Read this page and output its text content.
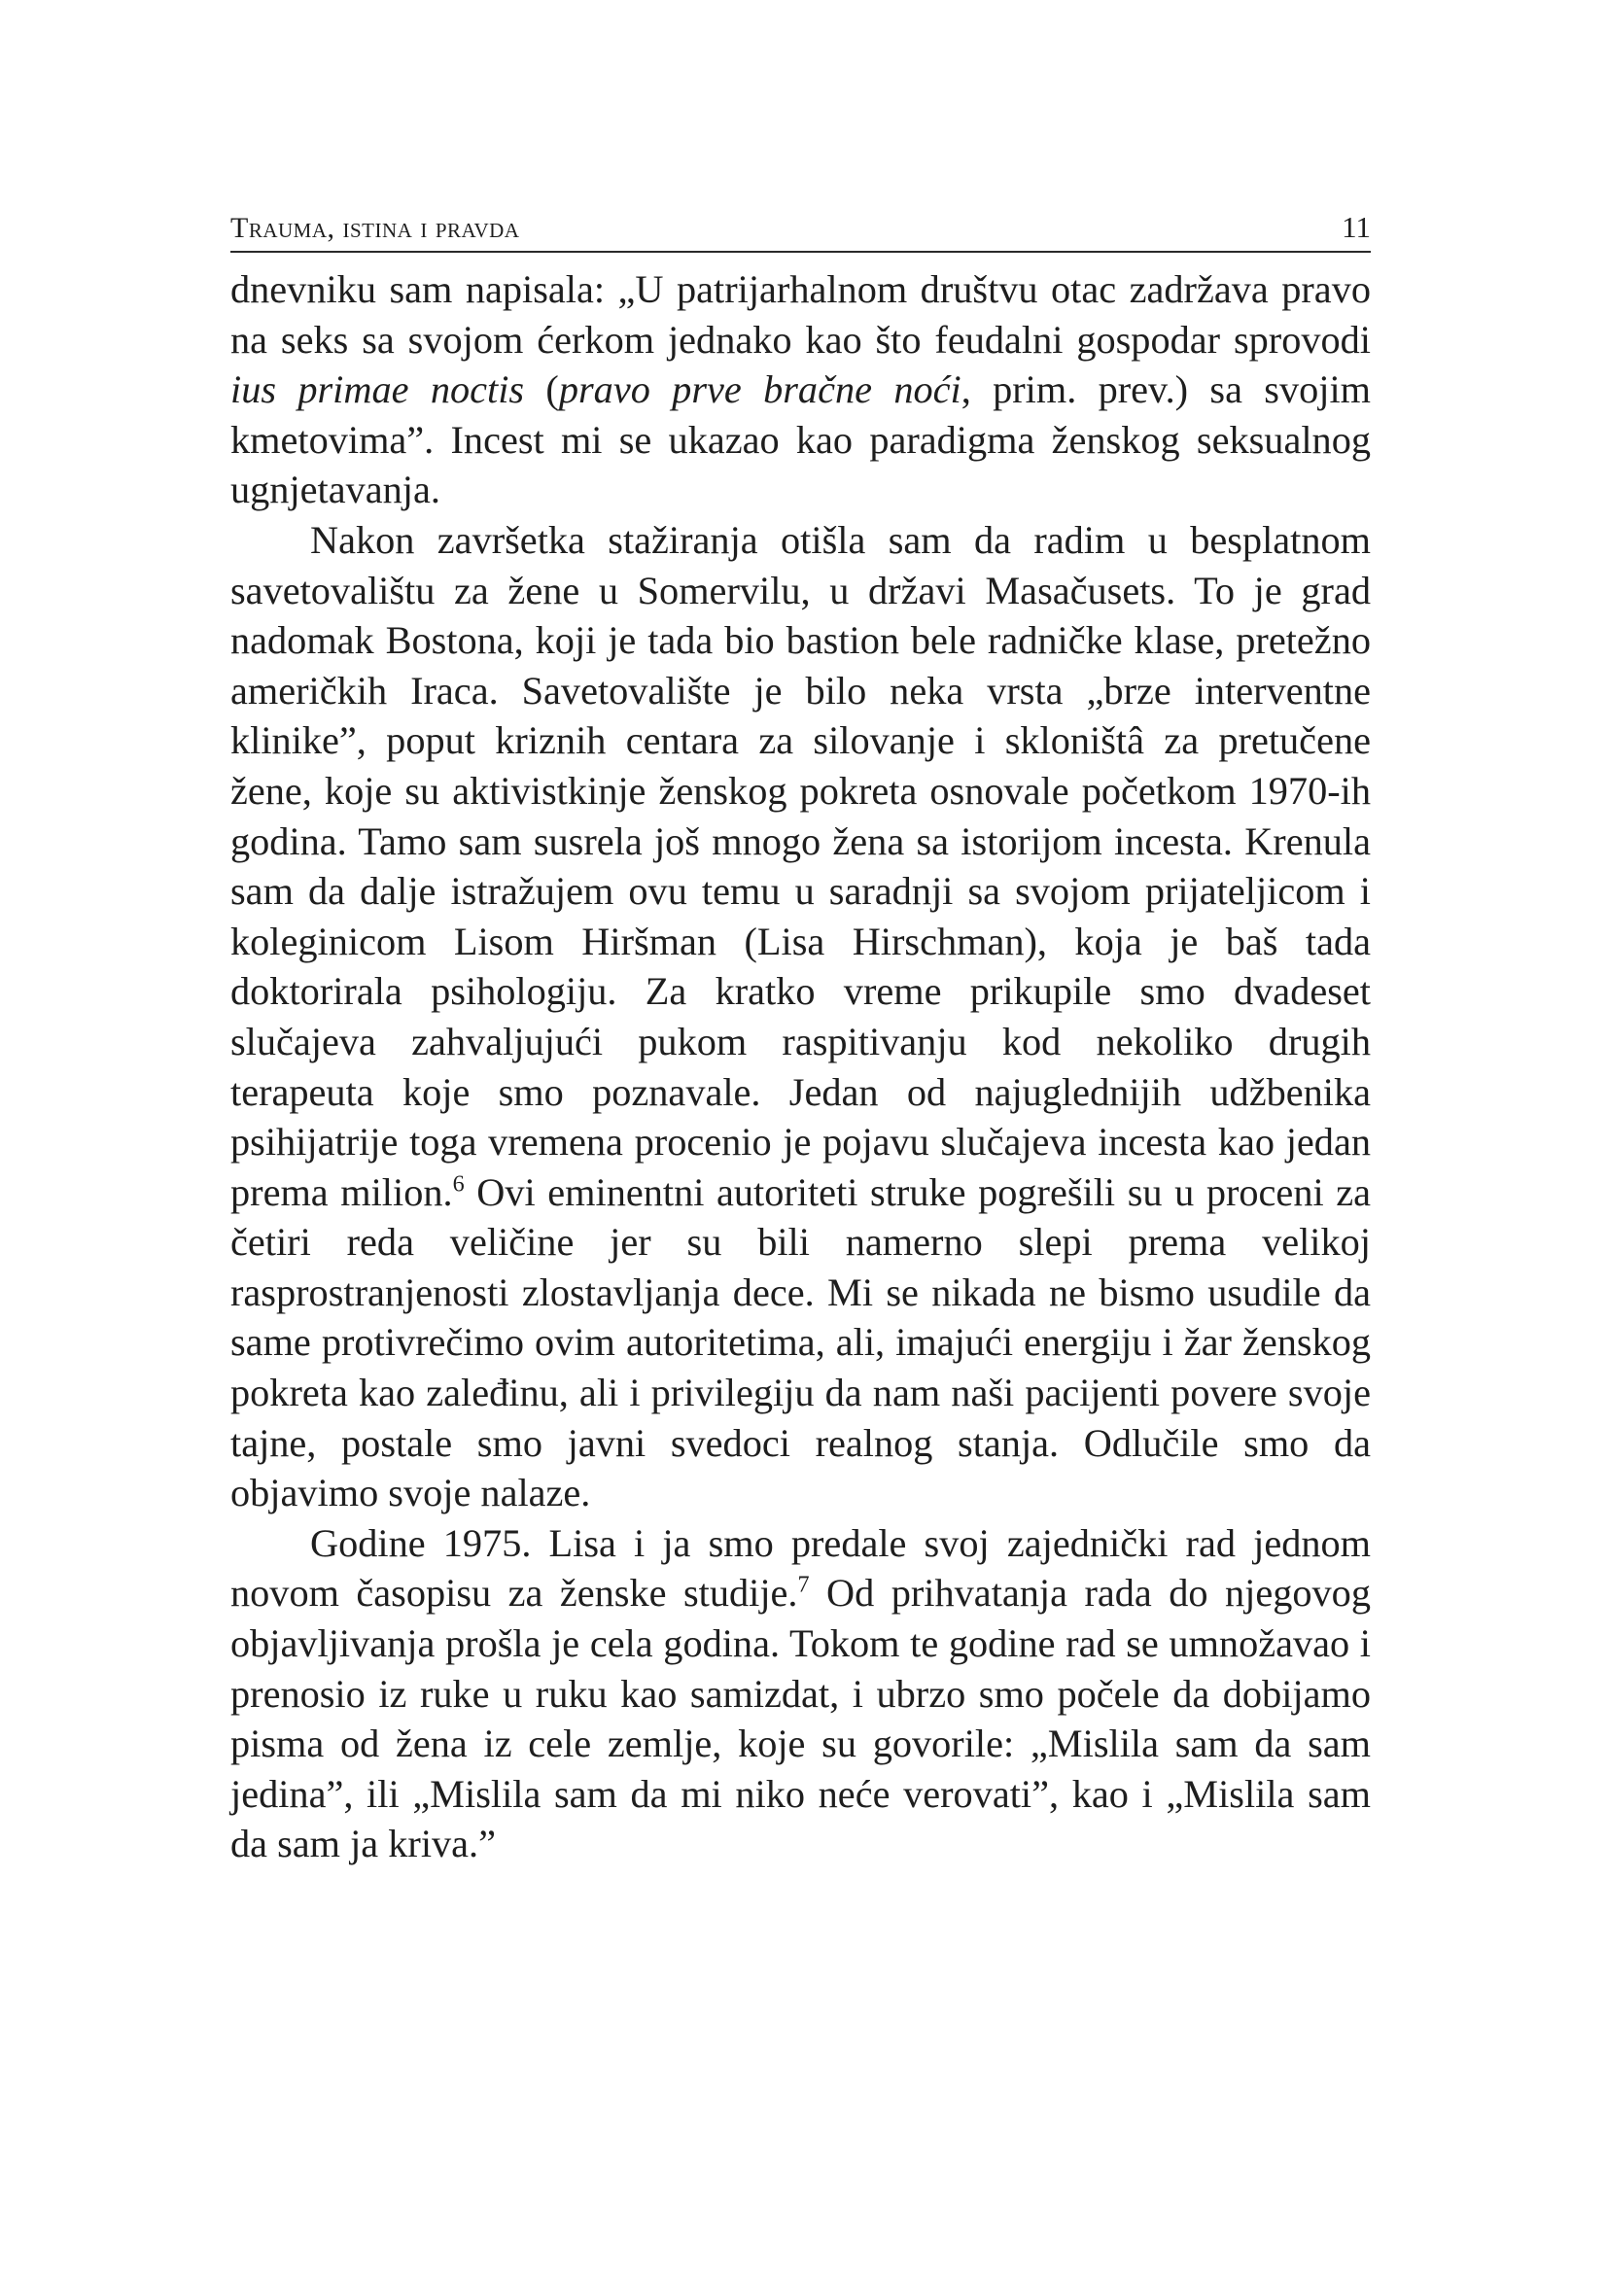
Trauma, istina i pravda	11

dnevniku sam napisala: „U patrijarhalnom društvu otac zadržava pravo na seks sa svojom ćerkom jednako kao što feudalni gospodar sprovodi ius primae noctis (pravo prve bračne noći, prim. prev.) sa svojim kmetovima”. Incest mi se ukazao kao paradigma ženskog seksualnog ugnjetavanja.

Nakon završetka stažiranja otišla sam da radim u besplatnom savetovalištu za žene u Somervilu, u državi Masačusets. To je grad nadomak Bostona, koji je tada bio bastion bele radničke klase, pretežno američkih Iraca. Savetovalište je bilo neka vrsta „brze interventne klinike”, poput kriznih centara za silovanje i skloništâ za pretučene žene, koje su aktivistkinje ženskog pokreta osnovale početkom 1970-ih godina. Tamo sam susrela još mnogo žena sa istorijom incesta. Krenula sam da dalje istražujem ovu temu u saradnji sa svojom prijateljicom i koleginicom Lisom Hiršman (Lisa Hirschman), koja je baš tada doktorirala psihologiju. Za kratko vreme prikupile smo dvadeset slučajeva zahvaljujući pukom raspitivanju kod nekoliko drugih terapeuta koje smo poznavale. Jedan od najuglednijih udžbenika psihijatrije toga vremena procenio je pojavu slučajeva incesta kao jedan prema milion.$^6$ Ovi eminentni autoriteti struke pogrešili su u proceni za četiri reda veličine jer su bili namerno slepi prema velikoj rasprostranjenosti zlostavljanja dece. Mi se nikada ne bismo usudile da same protivrečimo ovim autoritetima, ali, imajući energiju i žar ženskog pokreta kao zaleđinu, ali i privilegiju da nam naši pacijenti povere svoje tajne, postale smo javni svedoci realnog stanja. Odlučile smo da objavimo svoje nalaze.

Godine 1975. Lisa i ja smo predale svoj zajednički rad jednom novom časopisu za ženske studije.$^7$ Od prihvatanja rada do njegovog objavljivanja prošla je cela godina. Tokom te godine rad se umnožavao i prenosio iz ruke u ruku kao samizdat, i ubrzo smo počele da dobijamo pisma od žena iz cele zemlje, koje su govorile: „Mislila sam da sam jedina”, ili „Mislila sam da mi niko neće verovati”, kao i „Mislila sam da sam ja kriva.”
